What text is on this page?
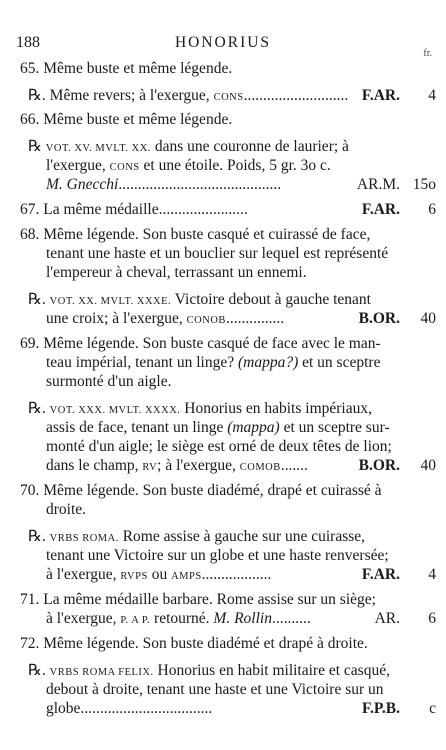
188	HONORIUS
fr.
65. Même buste et même légende.
℞. Même revers; à l'exergue, CONS........................... F.AR. 4
66. Même buste et même légende.
℞ VOT. XV. MVLT. XX. dans une couronne de laurier; à
l'exergue, CONS et une étoile. Poids, 5 gr. 3o c.
M. Gnecchi..........................................	AR.M. 15o
67. La même médaille.......................	F.AR. 6
68. Même légende. Son buste casqué et cuirassé de face,
tenant une haste et un bouclier sur lequel est représenté
l'empereur à cheval, terrassant un ennemi.
℞. VOT. XX. MVLT. XXXE. Victoire debout à gauche tenant
une croix; à l'exergue, CONOB...............	B.OR. 40
69. Même légende. Son buste casqué de face avec le man-
teau impérial, tenant un linge? (mappa?) et un sceptre
surmonté d'un aigle.
℞. VOT. XXX. MVLT. XXXX. Honorius en habits impériaux,
assis de face, tenant un linge (mappa) et un sceptre sur-
monté d'un aigle; le siège est orné de deux têtes de lion;
dans le champ, RV; à l'exergue, COMOB.......	B.OR. 40
70. Même légende. Son buste diadémé, drapé et cuirassé à
droite.
℞. VRBS ROMA. Rome assise à gauche sur une cuirasse,
tenant une Victoire sur un globe et une haste renversée;
à l'exergue, RVPS ou AMPS..................	F.AR. 4
71. La même médaille barbare. Rome assise sur un siège;
à l'exergue, P. A P. retourné. M. Rollin..........	AR. 6
72. Même légende. Son buste diadémé et drapé à droite.
℞. VRBS ROMA FELIX. Honorius en habit militaire et casqué,
debout à droite, tenant une haste et une Victoire sur un
globe..................................	F.P.B. c
